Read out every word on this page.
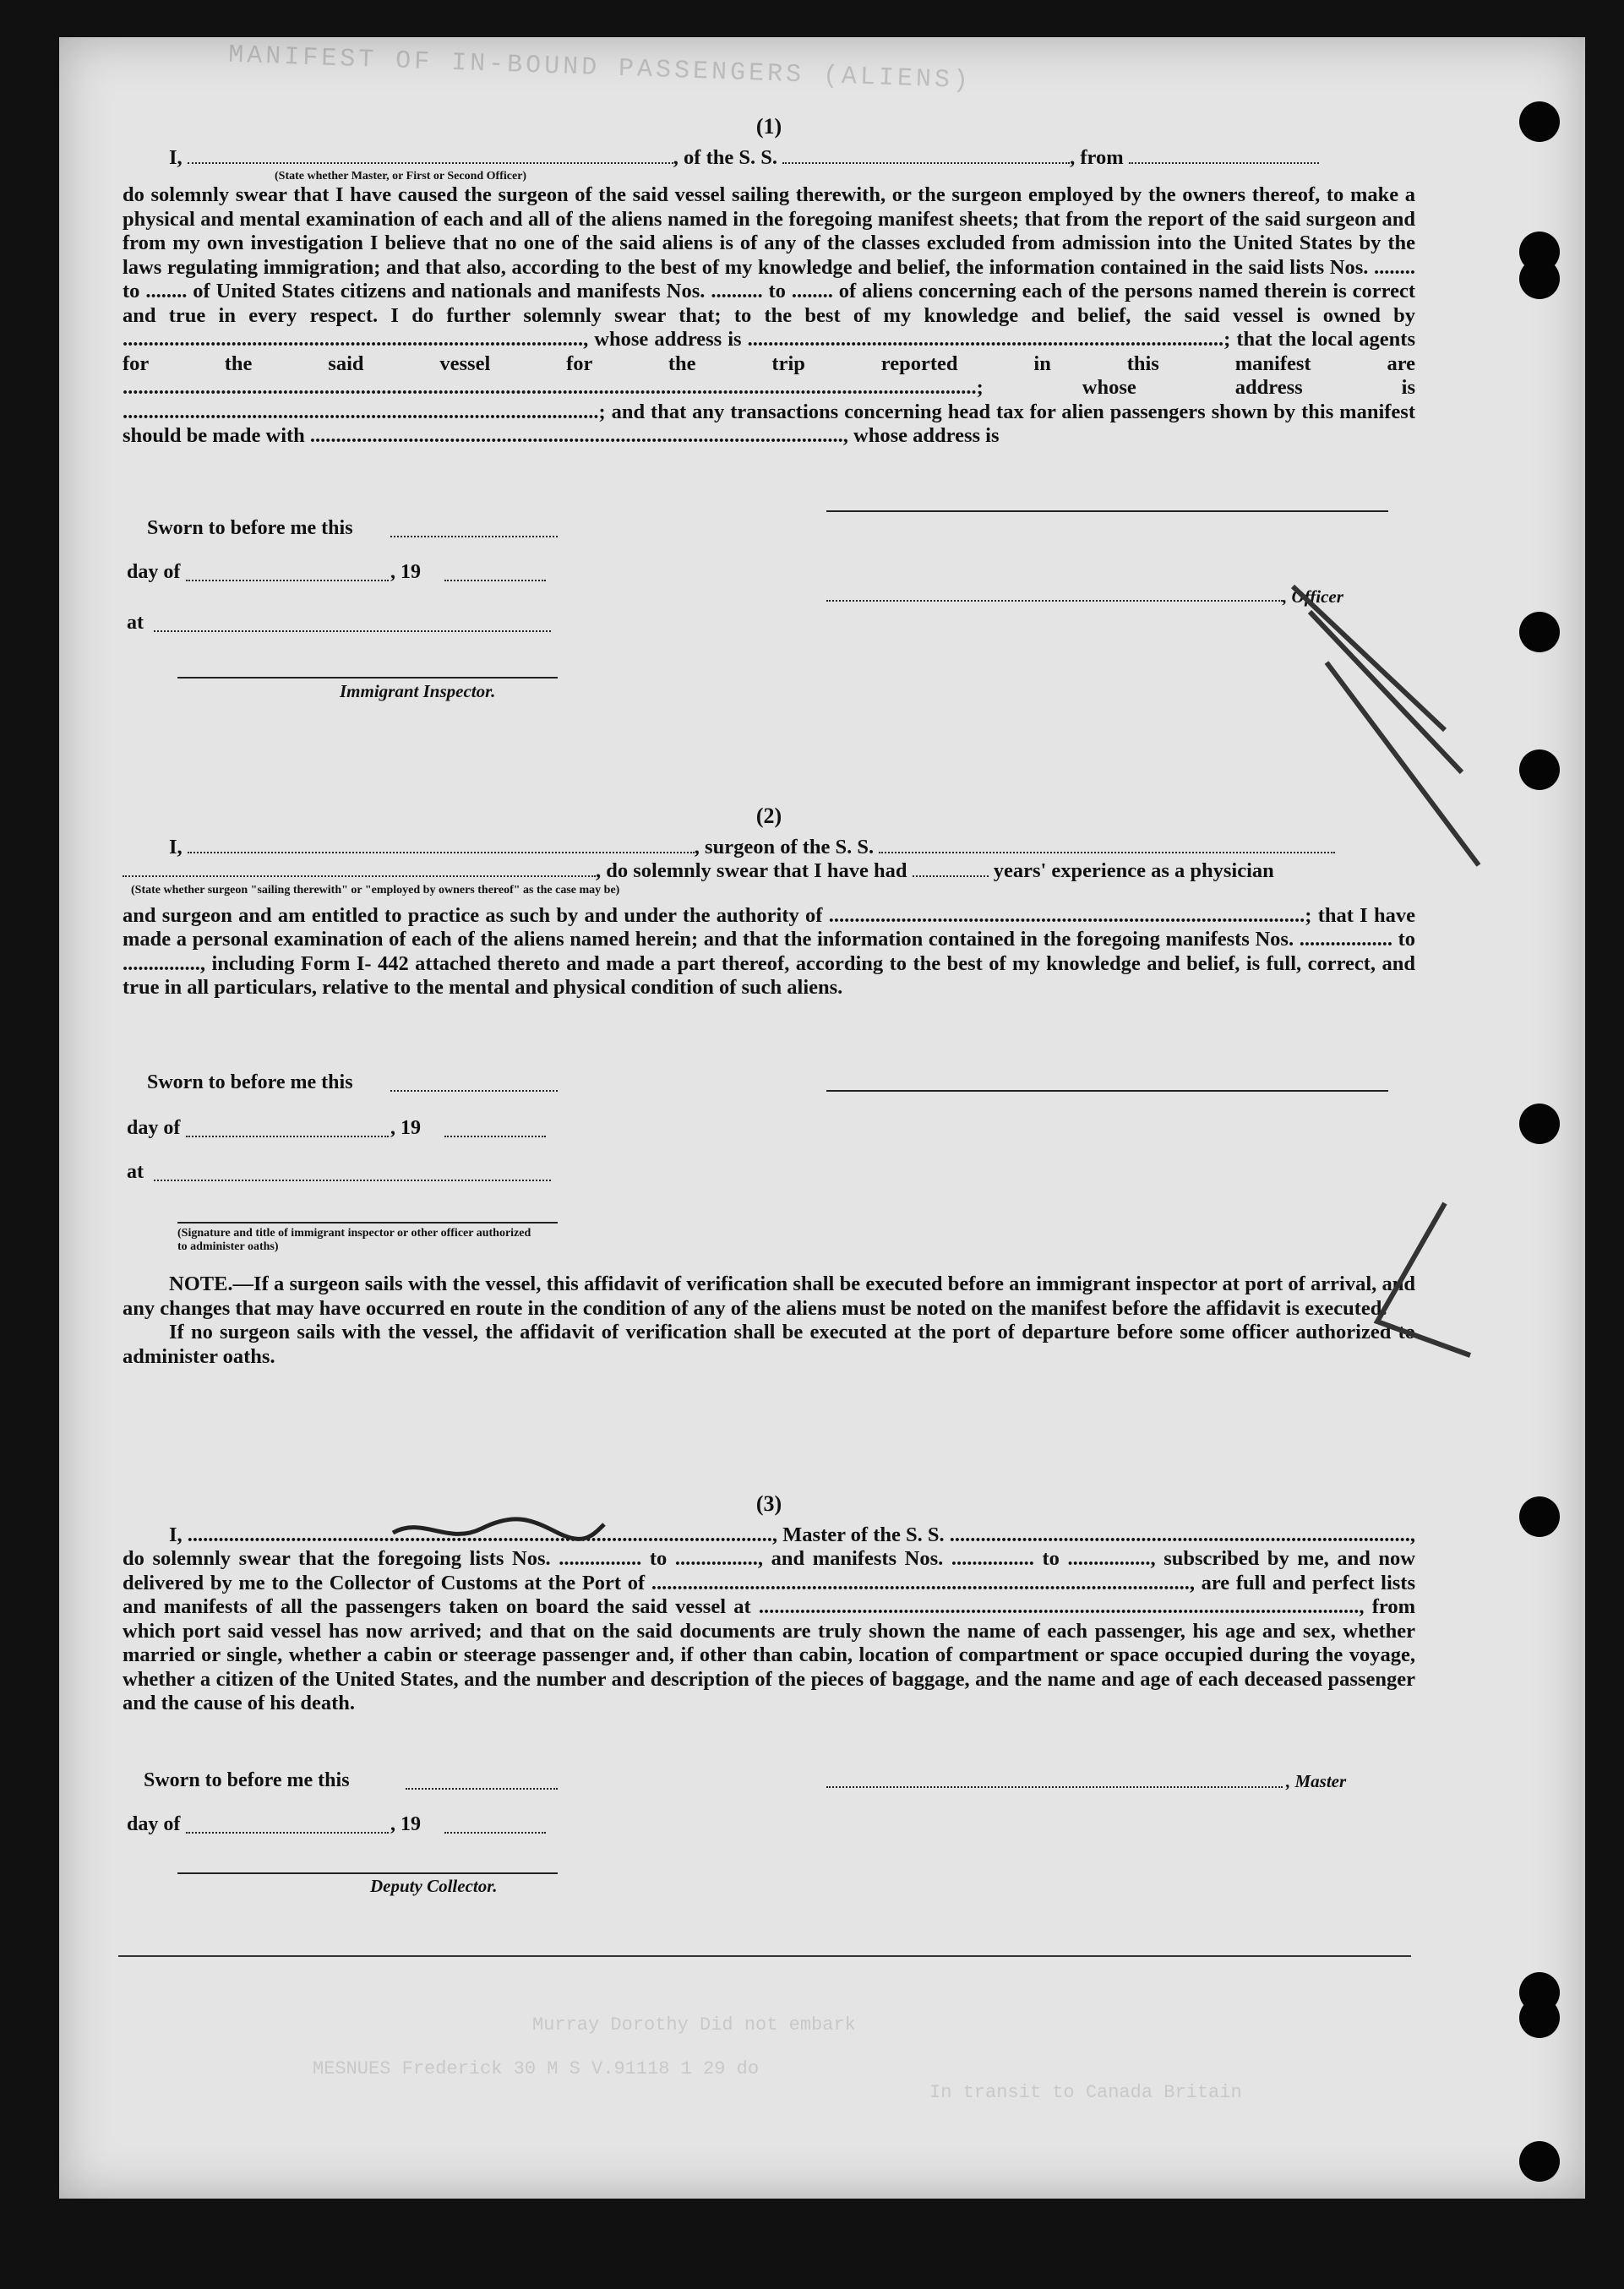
MANIFEST OF IN-BOUND PASSENGERS (ALIENS)
(1)
I,	, of the S. S.	, from
(State whether Master, or First or Second Officer)
do solemnly swear that I have caused the surgeon of the said vessel sailing therewith, or the surgeon employed by the owners thereof, to make a physical and mental examination of each and all of the aliens named in the foregoing manifest sheets; that from the report of the said surgeon and from my own investigation I believe that no one of the said aliens is of any of the classes excluded from admission into the United States by the laws regulating immigration; and that also, according to the best of my knowledge and belief, the information contained in the said lists Nos. ........ to ........ of United States citizens and nationals and manifests Nos. .......... to ........ of aliens concerning each of the persons named therein is correct and true in every respect. I do further solemnly swear that; to the best of my knowledge and belief, the said vessel is owned by ........................................................................................., whose address is ............................................................................................; that the local agents for the said vessel for the trip reported in this manifest are .....................................................................................................................................................................; whose address is ............................................................................................; and that any transactions concerning head tax for alien passengers shown by this manifest should be made with ......................................................................................................., whose address is
Sworn to before me this
day of	, 19
, Officer
at
Immigrant Inspector.
(2)
I,	, surgeon of the S. S.
, do solemnly swear that I have had	years' experience as a physician
(State whether surgeon "sailing therewith" or "employed by owners thereof" as the case may be)
and surgeon and am entitled to practice as such by and under the authority of ............................................................................................; that I have made a personal examination of each of the aliens named herein; and that the information contained in the foregoing manifests Nos. .................. to ..............., including Form I- 442 attached thereto and made a part thereof, according to the best of my knowledge and belief, is full, correct, and true in all particulars, relative to the mental and physical condition of such aliens.
Sworn to before me this
day of	, 19
at
(Signature and title of immigrant inspector or other officer authorized to administer oaths)
NOTE.—If a surgeon sails with the vessel, this affidavit of verification shall be executed before an immigrant inspector at port of arrival, and any changes that may have occurred en route in the condition of any of the aliens must be noted on the manifest before the affidavit is executed.
If no surgeon sails with the vessel, the affidavit of verification shall be executed at the port of departure before some officer authorized to administer oaths.
(3)
I, ................................................................................................................., Master of the S. S. ........................................................................................., do solemnly swear that the foregoing lists Nos. ................ to ................, and manifests Nos. ................ to ................, subscribed by me, and now delivered by me to the Collector of Customs at the Port of ........................................................................................................, are full and perfect lists and manifests of all the passengers taken on board the said vessel at ...................................................................................................................., from which port said vessel has now arrived; and that on the said documents are truly shown the name of each passenger, his age and sex, whether married or single, whether a cabin or steerage passenger and, if other than cabin, location of compartment or space occupied during the voyage, whether a citizen of the United States, and the number and description of the pieces of baggage, and the name and age of each deceased passenger and the cause of his death.
Sworn to before me this	, Master
day of	, 19
Deputy Collector.
Murray Dorothy Did not embark
MESNUES Frederick 30 M S V.91118 1 29 do
In transit to Canada Britain
